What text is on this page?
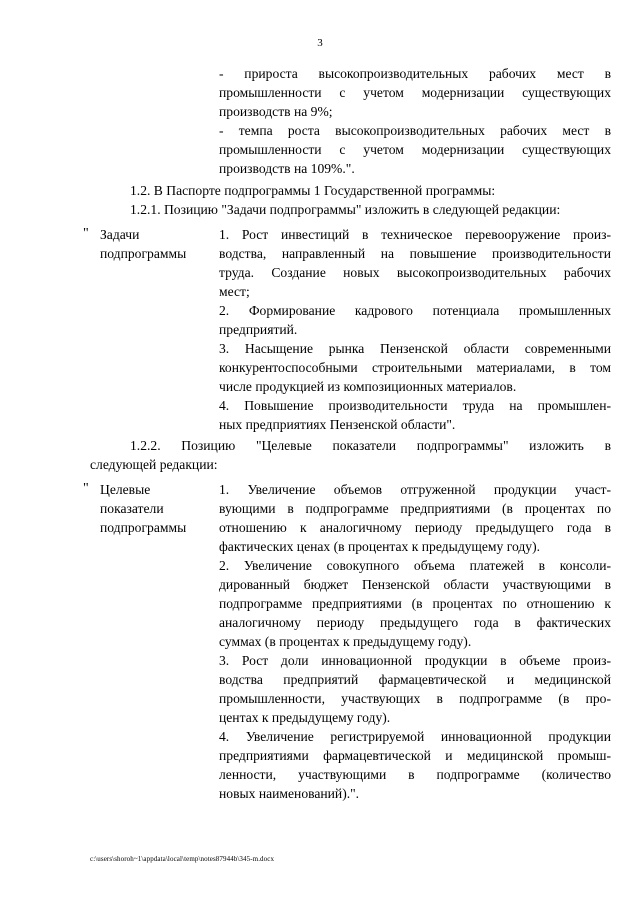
3
- прироста высокопроизводительных рабочих мест в
промышленности с учетом модернизации существующих
производств на 9%;
- темпа роста высокопроизводительных рабочих мест в
промышленности с учетом модернизации существующих
производств на 109%.".
1.2. В Паспорте подпрограммы 1 Государственной программы:
1.2.1. Позицию "Задачи подпрограммы" изложить в следующей редакции:
" Задачи
подпрограммы
1. Рост инвестиций в техническое перевооружение произ-
водства, направленный на повышение производительности
труда. Создание новых высокопроизводительных рабочих
мест;
2. Формирование кадрового потенциала промышленных
предприятий.
3. Насыщение рынка Пензенской области современными
конкурентоспособными строительными материалами, в том
числе продукцией из композиционных материалов.
4. Повышение производительности труда на промышлен-
ных предприятиях Пензенской области".
1.2.2. Позицию "Целевые показатели подпрограммы" изложить в
следующей редакции:
" Целевые
показатели
подпрограммы
1. Увеличение объемов отгруженной продукции участ-
вующими в подпрограмме предприятиями (в процентах по
отношению к аналогичному периоду предыдущего года в
фактических ценах (в процентах к предыдущему году).
2. Увеличение совокупного объема платежей в консоли-
дированный бюджет Пензенской области участвующими в
подпрограмме предприятиями (в процентах по отношению к
аналогичному периоду предыдущего года в фактических
суммах (в процентах к предыдущему году).
3. Рост доли инновационной продукции в объеме произ-
водства предприятий фармацевтической и медицинской
промышленности, участвующих в подпрограмме (в про-
центах к предыдущему году).
4. Увеличение регистрируемой инновационной продукции
предприятиями фармацевтической и медицинской промыш-
ленности, участвующими в подпрограмме (количество
новых наименований).".
c:\users\shoroh~1\appdata\local\temp\notes87944b\345-m.docx
